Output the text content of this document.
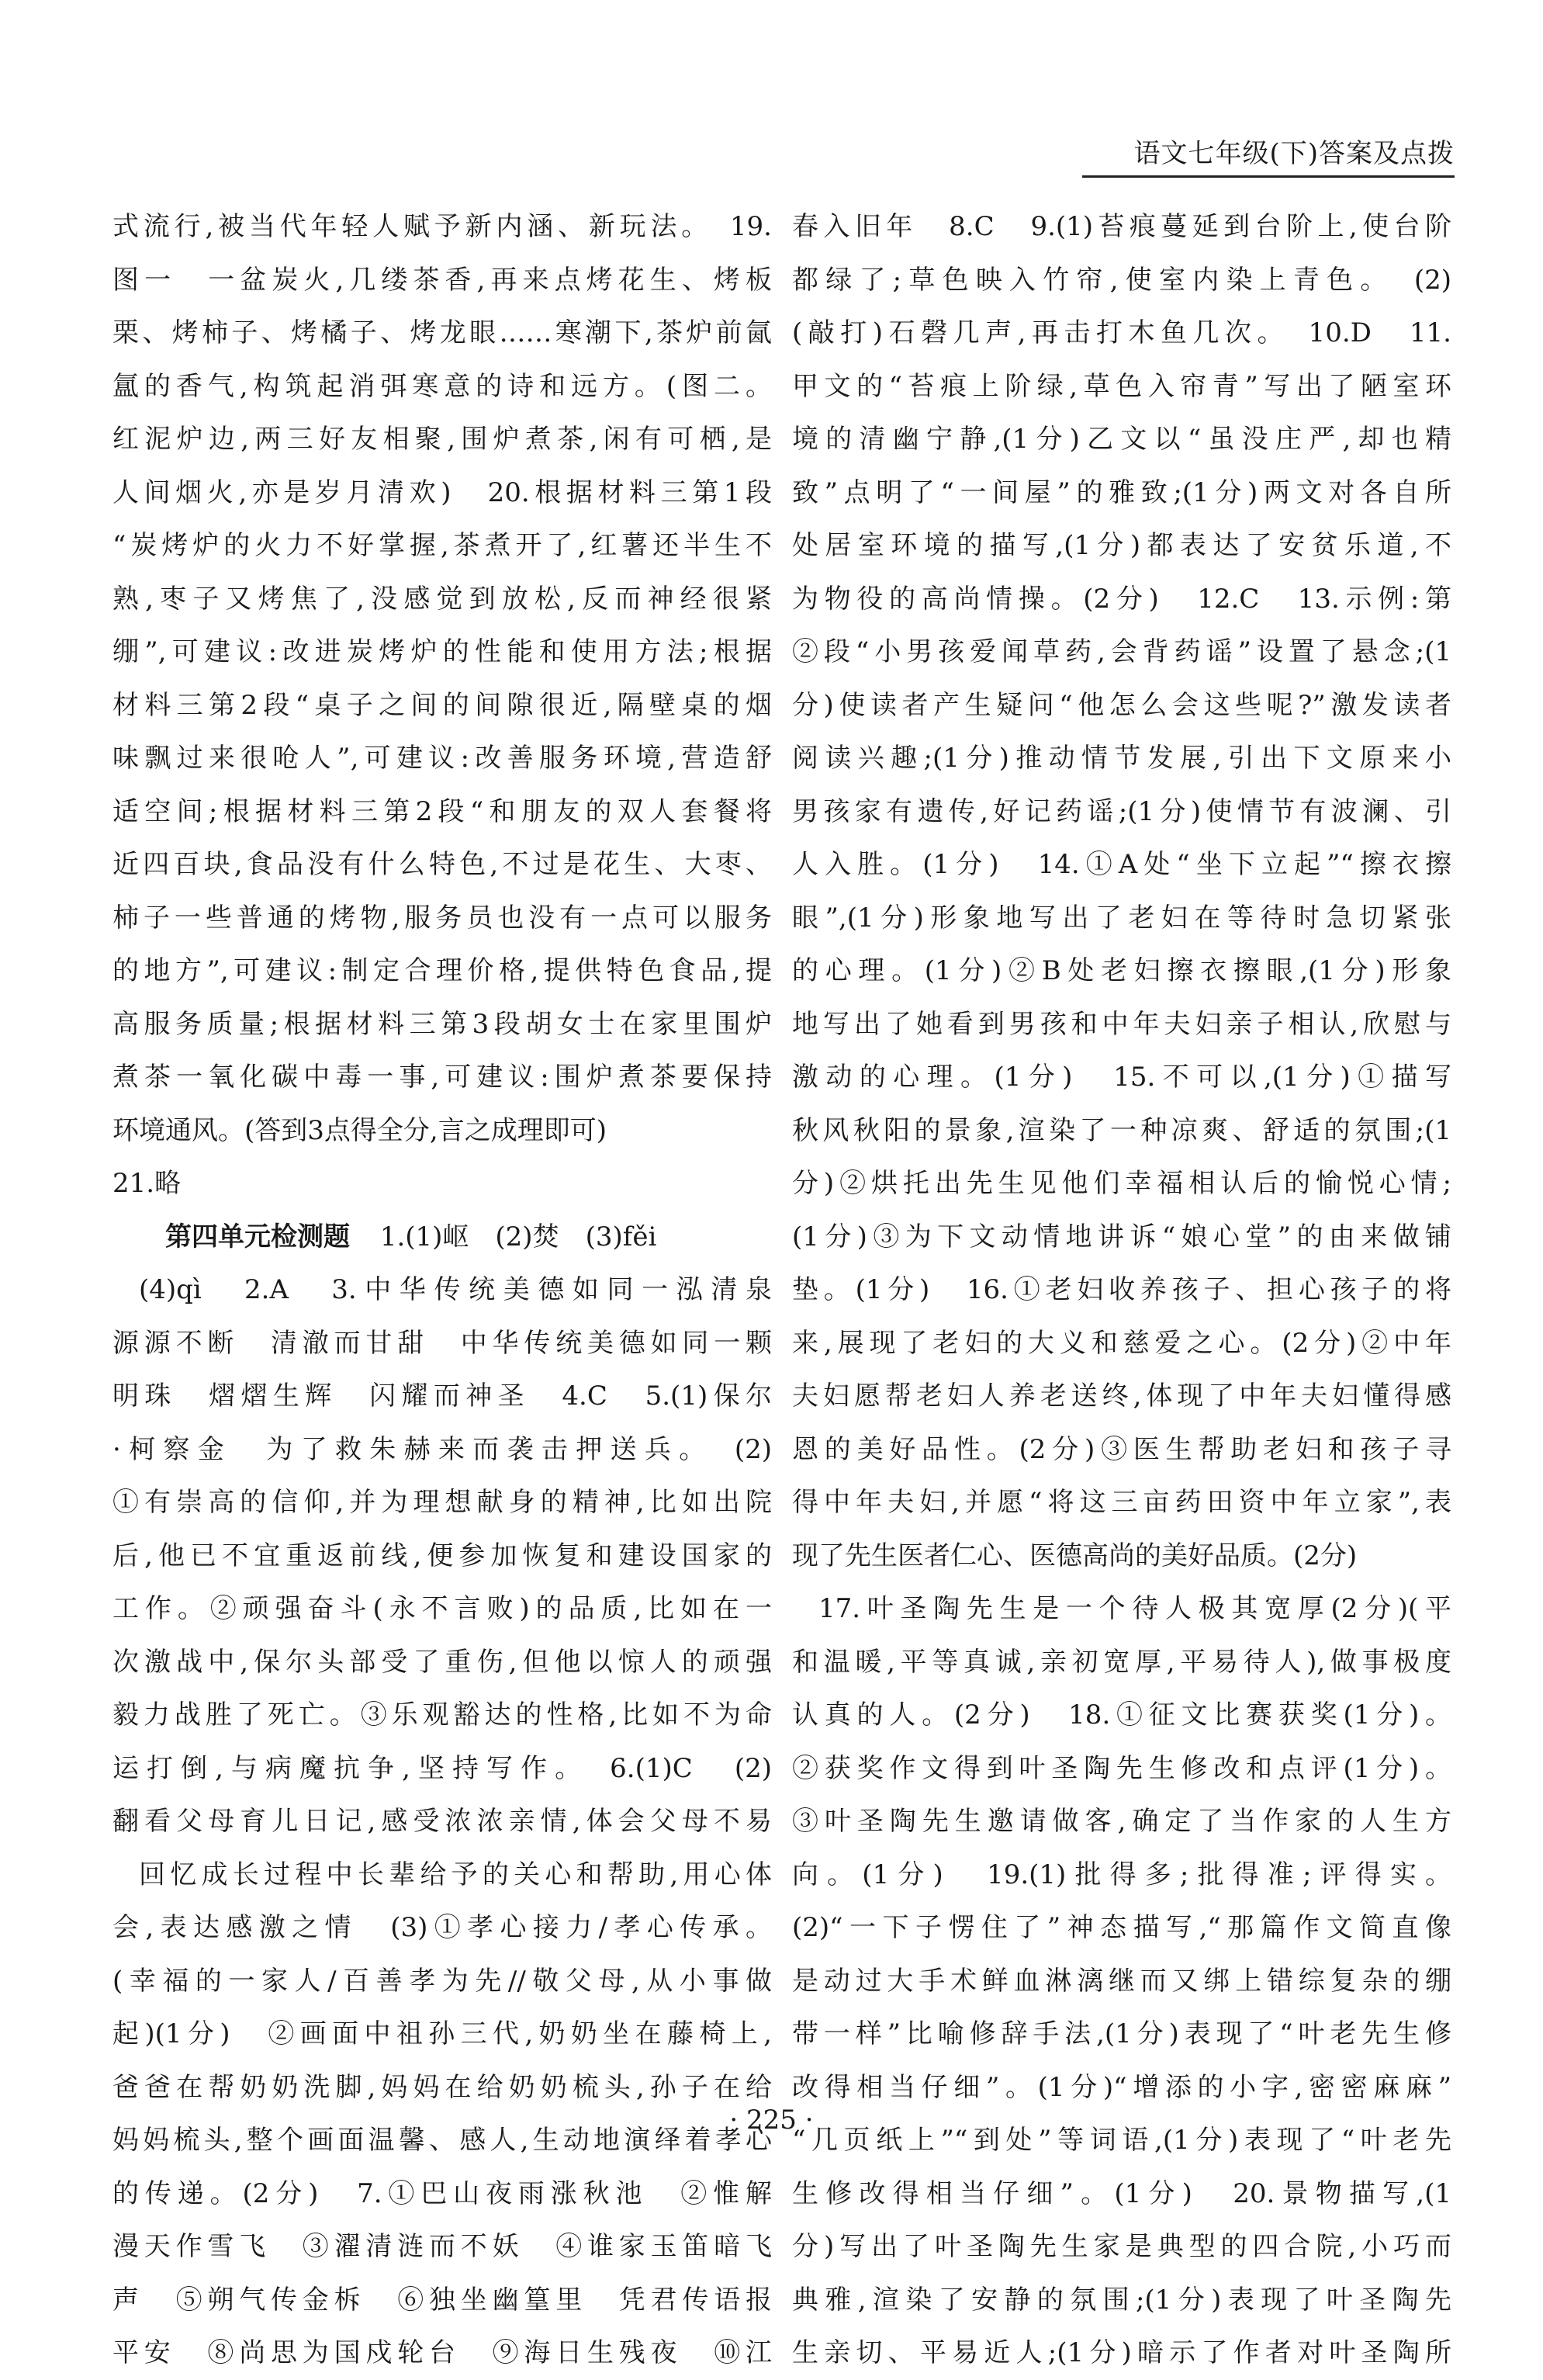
语文七年级(下)答案及点拨
式流行,被当代年轻人赋予新内涵、新玩法。　19.
图一　一盆炭火,几缕茶香,再来点烤花生、烤板
栗、烤柿子、烤橘子、烤龙眼……寒潮下,茶炉前氤
氲的香气,构筑起消弭寒意的诗和远方。(图二。
红泥炉边,两三好友相聚,围炉煮茶,闲有可栖,是
人间烟火,亦是岁月清欢)　20.根据材料三第1段
“炭烤炉的火力不好掌握,茶煮开了,红薯还半生不
熟,枣子又烤焦了,没感觉到放松,反而神经很紧
绷”,可建议:改进炭烤炉的性能和使用方法;根据
材料三第2段“桌子之间的间隙很近,隔壁桌的烟
味飘过来很呛人”,可建议:改善服务环境,营造舒
适空间;根据材料三第2段“和朋友的双人套餐将
近四百块,食品没有什么特色,不过是花生、大枣、
柿子一些普通的烤物,服务员也没有一点可以服务
的地方”,可建议:制定合理价格,提供特色食品,提
高服务质量;根据材料三第3段胡女士在家里围炉
煮茶一氧化碳中毒一事,可建议:围炉煮茶要保持
环境通风。(答到3点得全分,言之成理即可)
21.略
第四单元检测题 1.(1)岖　(2)焚　(3)fěi
(4)qì　2.A　3.中华传统美德如同一泓清泉
源源不断　清澈而甘甜　中华传统美德如同一颗
明珠　熠熠生辉　闪耀而神圣　4.C　5.(1)保尔
·柯察金　为了救朱赫来而袭击押送兵。　(2)
①有崇高的信仰,并为理想献身的精神,比如出院
后,他已不宜重返前线,便参加恢复和建设国家的
工作。②顽强奋斗(永不言败)的品质,比如在一
次激战中,保尔头部受了重伤,但他以惊人的顽强
毅力战胜了死亡。③乐观豁达的性格,比如不为命
运打倒,与病魔抗争,坚持写作。　6.(1)C　(2)
翻看父母育儿日记,感受浓浓亲情,体会父母不易
回忆成长过程中长辈给予的关心和帮助,用心体
会,表达感激之情　(3)①孝心接力/孝心传承。
(幸福的一家人/百善孝为先//敬父母,从小事做
起)(1分)　②画面中祖孙三代,奶奶坐在藤椅上,
爸爸在帮奶奶洗脚,妈妈在给奶奶梳头,孙子在给
妈妈梳头,整个画面温馨、感人,生动地演绎着孝心
的传递。(2分)　7.①巴山夜雨涨秋池　②惟解
漫天作雪飞　③濯清涟而不妖　④谁家玉笛暗飞
声　⑤朔气传金柝　⑥独坐幽篁里　凭君传语报
平安　⑧尚思为国戍轮台　⑨海日生残夜　⑩江
春入旧年　8.C　9.(1)苔痕蔓延到台阶上,使台阶
都绿了;草色映入竹帘,使室内染上青色。　(2)
(敲打)石磬几声,再击打木鱼几次。　10.D　11.
甲文的“苔痕上阶绿,草色入帘青”写出了陋室环
境的清幽宁静,(1分)乙文以“虽没庄严,却也精
致”点明了“一间屋”的雅致;(1分)两文对各自所
处居室环境的描写,(1分)都表达了安贫乐道,不
为物役的高尚情操。(2分)　12.C　13.示例:第
②段“小男孩爱闻草药,会背药谣”设置了悬念;(1
分)使读者产生疑问“他怎么会这些呢?”激发读者
阅读兴趣;(1分)推动情节发展,引出下文原来小
男孩家有遗传,好记药谣;(1分)使情节有波澜、引
人入胜。(1分)　14.①A处“坐下立起”“擦衣擦
眼”,(1分)形象地写出了老妇在等待时急切紧张
的心理。(1分)②B处老妇擦衣擦眼,(1分)形象
地写出了她看到男孩和中年夫妇亲子相认,欣慰与
激动的心理。(1分)　15.不可以,(1分)①描写
秋风秋阳的景象,渲染了一种凉爽、舒适的氛围;(1
分)②烘托出先生见他们幸福相认后的愉悦心情;
(1分)③为下文动情地讲诉“娘心堂”的由来做铺
垫。(1分)　16.①老妇收养孩子、担心孩子的将
来,展现了老妇的大义和慈爱之心。(2分)②中年
夫妇愿帮老妇人养老送终,体现了中年夫妇懂得感
恩的美好品性。(2分)③医生帮助老妇和孩子寻
得中年夫妇,并愿“将这三亩药田资中年立家”,表
现了先生医者仁心、医德高尚的美好品质。(2分)
17.叶圣陶先生是一个待人极其宽厚(2分)(平
和温暖,平等真诚,亲初宽厚,平易待人),做事极度
认真的人。(2分)　18.①征文比赛获奖(1分)。
②获奖作文得到叶圣陶先生修改和点评(1分)。
③叶圣陶先生邀请做客,确定了当作家的人生方
向。(1分)　19.(1)批得多;批得准;评得实。
(2)“一下子愣住了”神态描写,“那篇作文简直像
是动过大手术鲜血淋漓继而又绑上错综复杂的绷
带一样”比喻修辞手法,(1分)表现了“叶老先生修
改得相当仔细”。(1分)“增添的小字,密密麻麻”
“几页纸上”“到处”等词语,(1分)表现了“叶老先
生修改得相当仔细”。(1分)　20.景物描写,(1
分)写出了叶圣陶先生家是典型的四合院,小巧而
典雅,渲染了安静的氛围;(1分)表现了叶圣陶先
生亲切、平易近人;(1分)暗示了作者对叶圣陶所
· 225 ·
